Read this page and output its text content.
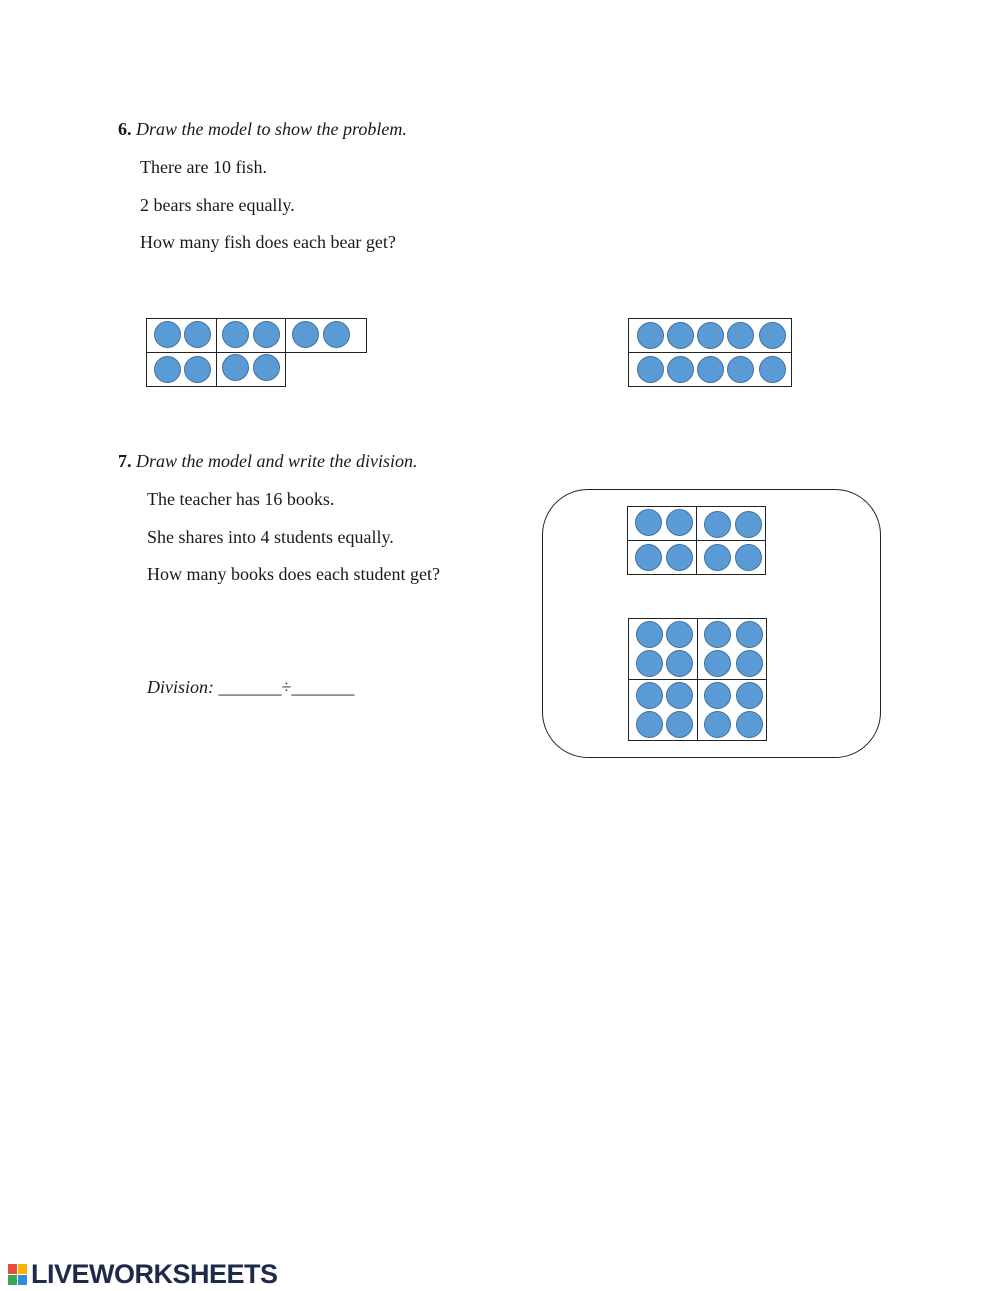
6. Draw the model to show the problem.
There are 10 fish.
2 bears share equally.
How many fish does each bear get?
7. Draw the model and write the division.
The teacher has 16 books.
She shares into 4 students equally.
How many books does each student get?
Division: _______÷_______
LIVEWORKSHEETS
